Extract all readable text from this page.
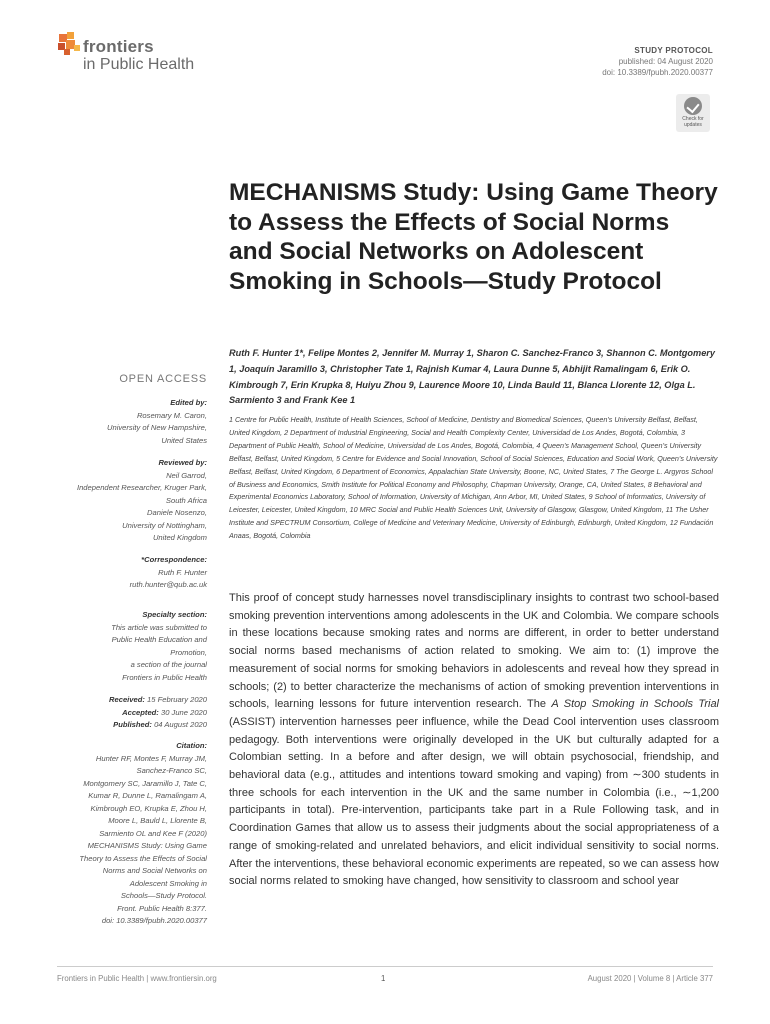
frontiers
in Public Health
STUDY PROTOCOL
published: 04 August 2020
doi: 10.3389/fpubh.2020.00377
Check for
updates
MECHANISMS Study: Using Game Theory to Assess the Effects of Social Norms and Social Networks on Adolescent Smoking in Schools—Study Protocol
Ruth F. Hunter 1*, Felipe Montes 2, Jennifer M. Murray 1, Sharon C. Sanchez-Franco 3, Shannon C. Montgomery 1, Joaquín Jaramillo 3, Christopher Tate 1, Rajnish Kumar 4, Laura Dunne 5, Abhijit Ramalingam 6, Erik O. Kimbrough 7, Erin Krupka 8, Huiyu Zhou 9, Laurence Moore 10, Linda Bauld 11, Blanca Llorente 12, Olga L. Sarmiento 3 and Frank Kee 1
1 Centre for Public Health, Institute of Health Sciences, School of Medicine, Dentistry and Biomedical Sciences, Queen’s University Belfast, Belfast, United Kingdom, 2 Department of Industrial Engineering, Social and Health Complexity Center, Universidad de Los Andes, Bogotá, Colombia, 3 Department of Public Health, School of Medicine, Universidad de Los Andes, Bogotá, Colombia, 4 Queen’s Management School, Queen’s University Belfast, Belfast, United Kingdom, 5 Centre for Evidence and Social Innovation, School of Social Sciences, Education and Social Work, Queen’s University Belfast, Belfast, United Kingdom, 6 Department of Economics, Appalachian State University, Boone, NC, United States, 7 The George L. Argyros School of Business and Economics, Smith Institute for Political Economy and Philosophy, Chapman University, Orange, CA, United States, 8 Behavioral and Experimental Economics Laboratory, School of Information, University of Michigan, Ann Arbor, MI, United States, 9 School of Informatics, University of Leicester, Leicester, United Kingdom, 10 MRC Social and Public Health Sciences Unit, University of Glasgow, Glasgow, United Kingdom, 11 The Usher Institute and SPECTRUM Consortium, College of Medicine and Veterinary Medicine, University of Edinburgh, Edinburgh, United Kingdom, 12 Fundación Anaas, Bogotá, Colombia
This proof of concept study harnesses novel transdisciplinary insights to contrast two school-based smoking prevention interventions among adolescents in the UK and Colombia. We compare schools in these locations because smoking rates and norms are different, in order to better understand social norms based mechanisms of action related to smoking. We aim to: (1) improve the measurement of social norms for smoking behaviors in adolescents and reveal how they spread in schools; (2) to better characterize the mechanisms of action of smoking prevention interventions in schools, learning lessons for future intervention research. The A Stop Smoking in Schools Trial (ASSIST) intervention harnesses peer influence, while the Dead Cool intervention uses classroom pedagogy. Both interventions were originally developed in the UK but culturally adapted for a Colombian setting. In a before and after design, we will obtain psychosocial, friendship, and behavioral data (e.g., attitudes and intentions toward smoking and vaping) from ∼300 students in three schools for each intervention in the UK and the same number in Colombia (i.e., ∼1,200 participants in total). Pre-intervention, participants take part in a Rule Following task, and in Coordination Games that allow us to assess their judgments about the social appropriateness of a range of smoking-related and unrelated behaviors, and elicit individual sensitivity to social norms. After the interventions, these behavioral economic experiments are repeated, so we can assess how social norms related to smoking have changed, how sensitivity to classroom and school year
OPEN ACCESS
Edited by:
Rosemary M. Caron,
University of New Hampshire,
United States
Reviewed by:
Neil Garrod,
Independent Researcher, Kruger Park,
South Africa
Daniele Nosenzo,
University of Nottingham,
United Kingdom
*Correspondence:
Ruth F. Hunter
ruth.hunter@qub.ac.uk
Specialty section:
This article was submitted to
Public Health Education and
Promotion,
a section of the journal
Frontiers in Public Health
Received: 15 February 2020
Accepted: 30 June 2020
Published: 04 August 2020
Citation:
Hunter RF, Montes F, Murray JM,
Sanchez-Franco SC,
Montgomery SC, Jaramillo J, Tate C,
Kumar R, Dunne L, Ramalingam A,
Kimbrough EO, Krupka E, Zhou H,
Moore L, Bauld L, Llorente B,
Sarmiento OL and Kee F (2020)
MECHANISMS Study: Using Game
Theory to Assess the Effects of Social
Norms and Social Networks on
Adolescent Smoking in
Schools—Study Protocol.
Front. Public Health 8:377.
doi: 10.3389/fpubh.2020.00377
Frontiers in Public Health | www.frontiersin.org	1	August 2020 | Volume 8 | Article 377
